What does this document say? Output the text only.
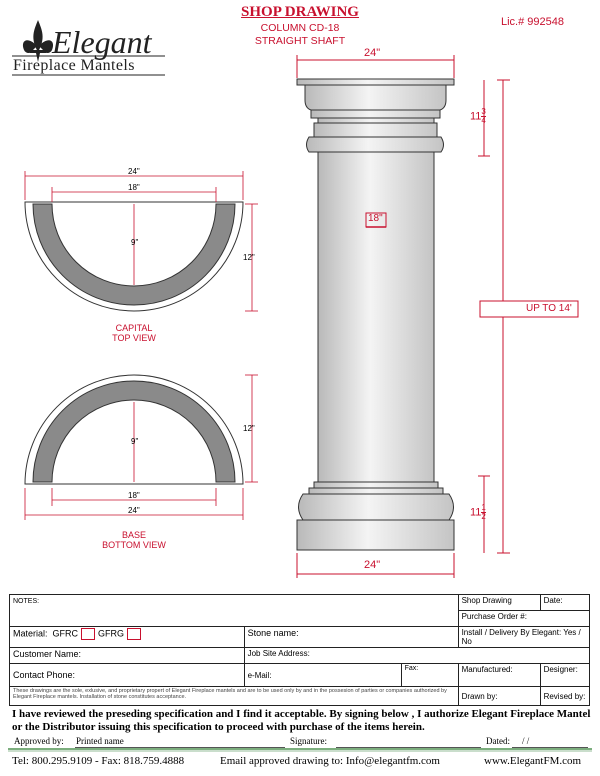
SHOP DRAWING
COLUMN CD-18
STRAIGHT SHAFT
Lic.# 992548
Elegant
Fireplace Mantels
24"
18"
UP TO 14'
24"
$11 \frac{3}{4}$
$11 \frac{1}{2}$
24"
18"
9"
12"
CAPITAL
TOP VIEW
9"
12"
18"
24"
BASE
BOTTOM VIEW
NOTES:			Shop Drawing	Date:
			Purchase Order #:	
Material: GFRC GFRG	Stone name:		Install / Delivery By Elegant: Yes / No	
Customer Name:	Job Site Address:			
Contact Phone:	e-Mail:	Fax:	Manufactured:	Designer:
These drawings are the sole, exlusive, and proprietary propert of Elegant Fireplace mantels and are to be used only by and in the possesion of parties or companies authorized by Elegant Fireplace mantels. Installation of stone constitutes acceptance.			Drawn by:	Revised by:
I have reviewed the preseding specification and I find it acceptable. By signing below , I authorize Elegant Fireplace Mantel or the Distributor issuing this specification to proceed with purchase of the items herein.
Approved by: Printed name	Signature:	Dated: / /
Tel: 800.295.9109 - Fax: 818.759.4888	Email approved drawing to: Info@elegantfm.com	www.ElegantFM.com
